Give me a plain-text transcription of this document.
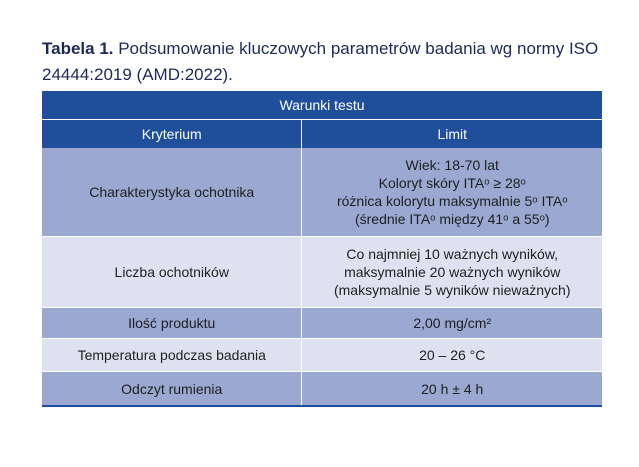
Tabela 1. Podsumowanie kluczowych parametrów badania wg normy ISO 24444:2019 (AMD:2022).
Warunki testu	
Kryterium	Limit
Charakterystyka ochotnika	Wiek: 18-70 lat
Koloryt skóry ITAᵒ ≥ 28ᵒ
różnica kolorytu maksymalnie 5ᵒ ITAᵒ
(średnie ITAᵒ między 41ᵒ a 55ᵒ)

Liczba ochotników	Co najmniej 10 ważnych wyników,
maksymalnie 20 ważnych wyników
(maksymalnie 5 wyników nieważnych)

Ilość produktu	2,00 mg/cm²
Temperatura podczas badania	20 – 26 °C
Odczyt rumienia	20 h ± 4 h
